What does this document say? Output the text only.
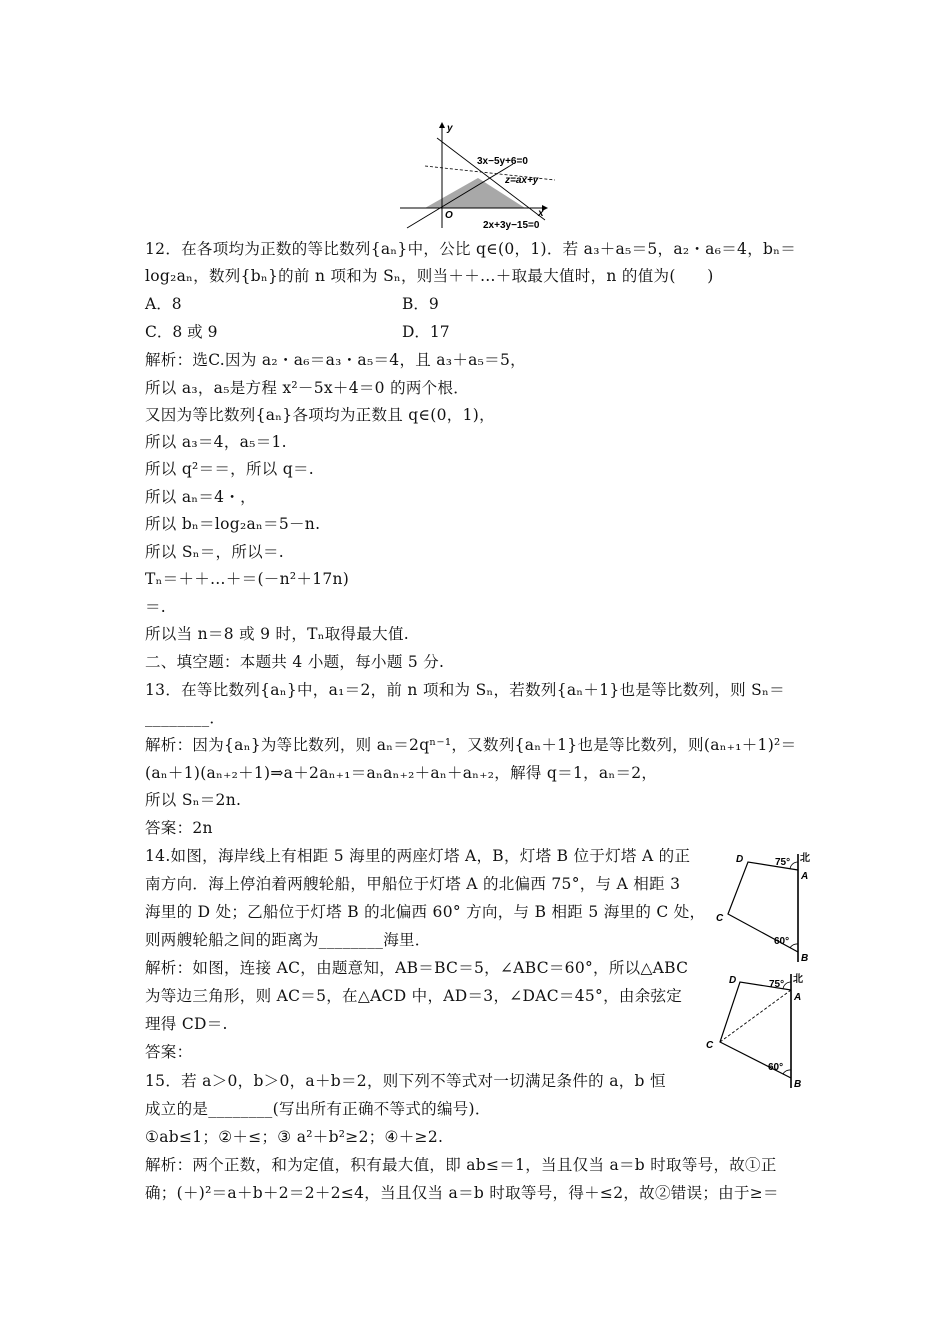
y
x
O
3x−5y+6=0
z=ax+y
2x+3y−15=0
12．在各项均为正数的等比数列{aₙ}中，公比 q∈(0，1)．若 a₃＋a₅＝5，a₂・a₆＝4，bₙ＝
log₂aₙ，数列{bₙ}的前 n 项和为 Sₙ，则当＋＋…＋取最大值时，n 的值为(　　)
A．8	B．9
C．8 或 9	D．17
解析：选C.因为 a₂・a₆＝a₃・a₅＝4，且 a₃＋a₅＝5，
所以 a₃，a₅是方程 x²－5x＋4＝0 的两个根．
又因为等比数列{aₙ}各项均为正数且 q∈(0，1)，
所以 a₃＝4，a₅＝1.
所以 q²＝＝，所以 q＝.
所以 aₙ＝4・，
所以 bₙ＝log₂aₙ＝5－n.
所以 Sₙ＝，所以＝.
Tₙ＝＋＋…＋＝(－n²＋17n)
＝.
所以当 n＝8 或 9 时，Tₙ取得最大值.
二、填空题：本题共 4 小题，每小题 5 分.
13．在等比数列{aₙ}中，a₁＝2，前 n 项和为 Sₙ，若数列{aₙ＋1}也是等比数列，则 Sₙ＝
________．
解析：因为{aₙ}为等比数列，则 aₙ＝2qⁿ⁻¹，又数列{aₙ＋1}也是等比数列，则(aₙ₊₁＋1)²＝
(aₙ＋1)(aₙ₊₂＋1)⇒a＋2aₙ₊₁＝aₙaₙ₊₂＋aₙ＋aₙ₊₂，解得 q＝1，aₙ＝2，
所以 Sₙ＝2n.
答案：2n
14.如图，海岸线上有相距 5 海里的两座灯塔 A，B，灯塔 B 位于灯塔 A 的正
南方向．海上停泊着两艘轮船，甲船位于灯塔 A 的北偏西 75°，与 A 相距 3
海里的 D 处；乙船位于灯塔 B 的北偏西 60° 方向，与 B 相距 5 海里的 C 处，
则两艘轮船之间的距离为________海里．
解析：如图，连接 AC，由题意知，AB＝BC＝5，∠ABC＝60°，所以△ABC
为等边三角形，则 AC＝5，在△ACD 中，AD＝3，∠DAC＝45°，由余弦定
理得 CD＝.
答案：
D	75° 北
A
C
60°
B
D	75° 北
A
C
60°
B
15．若 a＞0，b＞0，a＋b＝2，则下列不等式对一切满足条件的 a，b 恒
成立的是________(写出所有正确不等式的编号)．
①ab≤1；②＋≤；③ a²＋b²≥2；④＋≥2.
解析：两个正数，和为定值，积有最大值，即 ab≤＝1，当且仅当 a＝b 时取等号，故①正
确；(＋)²＝a＋b＋2＝2＋2≤4，当且仅当 a＝b 时取等号，得＋≤2，故②错误；由于≥＝
